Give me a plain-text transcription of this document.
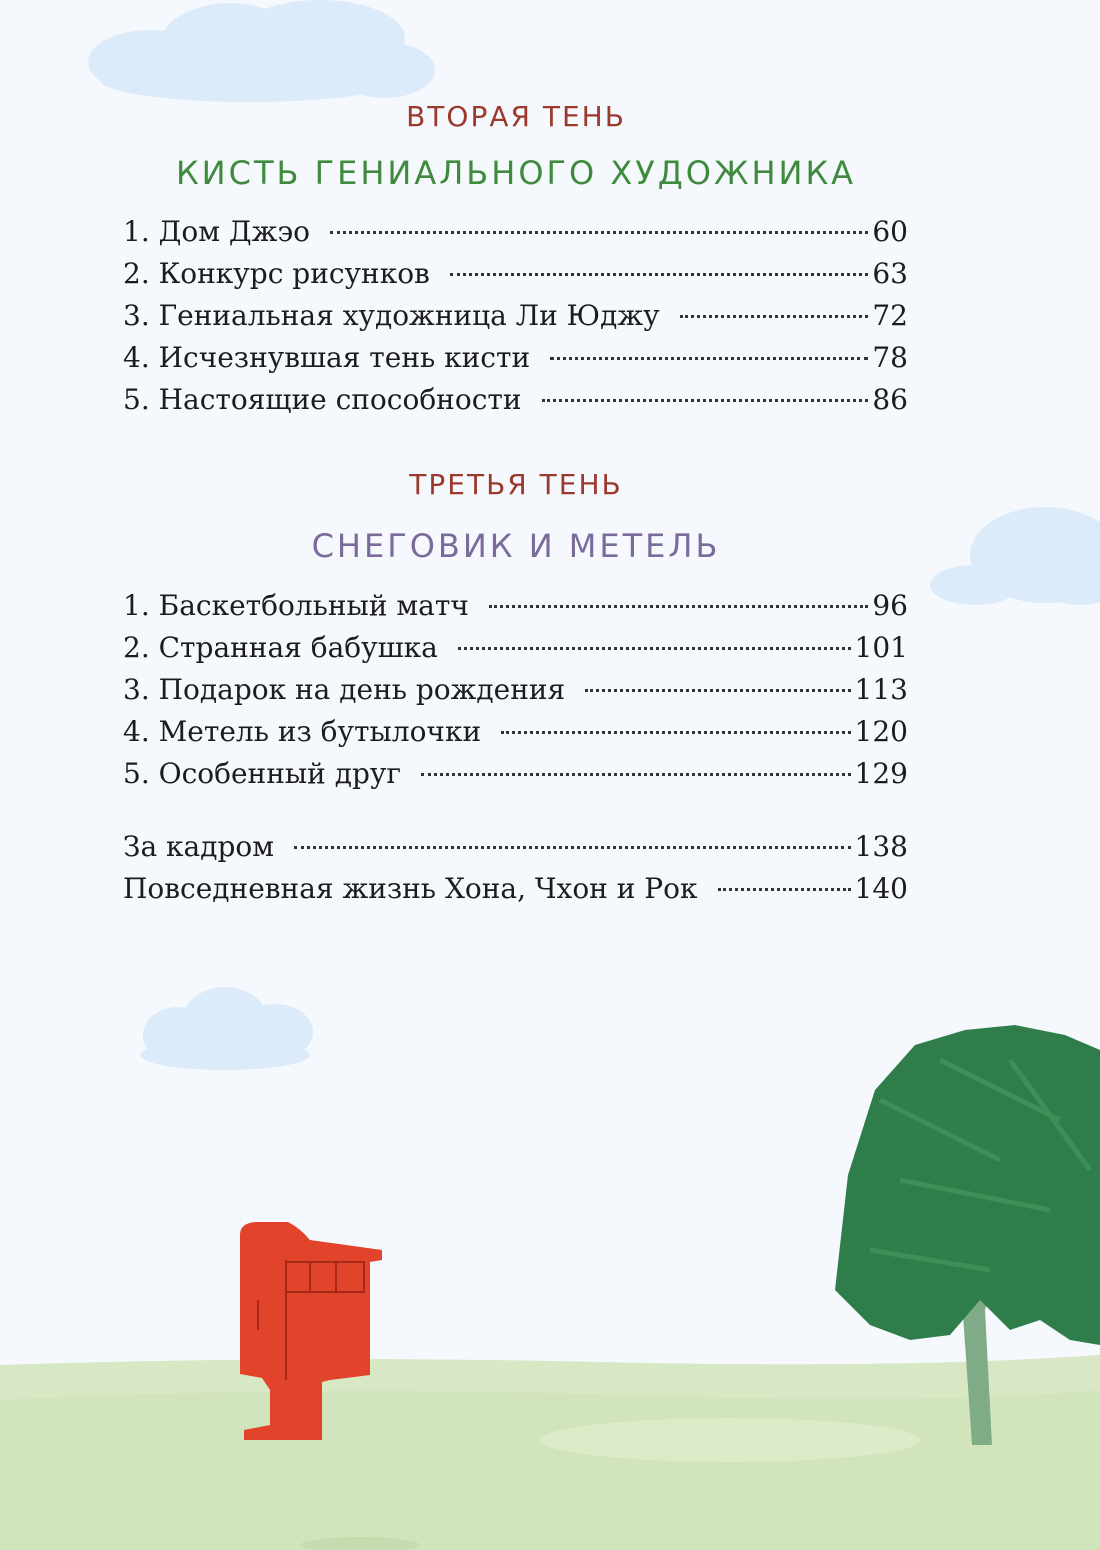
ВТОРАЯ ТЕНЬ
КИСТЬ ГЕНИАЛЬНОГО ХУДОЖНИКА
1. Дом Джэо	60
2. Конкурс рисунков	63
3. Гениальная художница Ли Юджу	72
4. Исчезнувшая тень кисти	78
5. Настоящие способности	86
ТРЕТЬЯ ТЕНЬ
СНЕГОВИК И МЕТЕЛЬ
1. Баскетбольный матч	96
2. Странная бабушка	101
3. Подарок на день рождения	113
4. Метель из бутылочки	120
5. Особенный друг	129
За кадром	138
Повседневная жизнь Хона, Чхон и Рок	140
